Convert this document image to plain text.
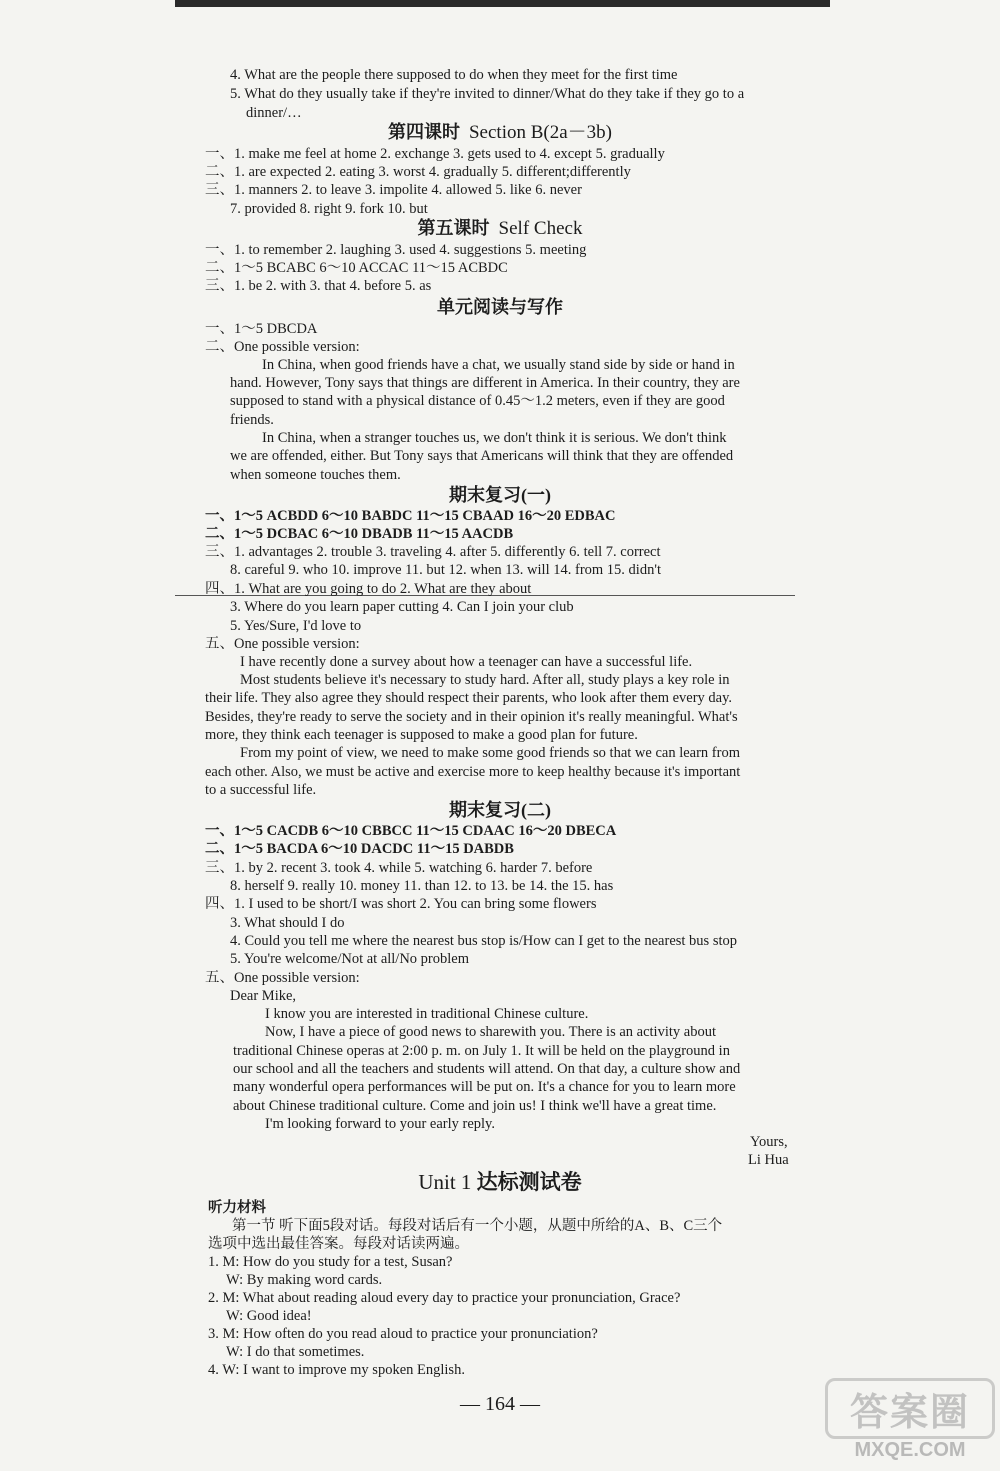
4. What are the people there supposed to do when they meet for the first time
5. What do they usually take if they're invited to dinner/What do they take if they go to a
dinner/…
第四课时 Section B(2a－3b)
一、1. make me feel at home 2. exchange 3. gets used to 4. except 5. gradually
二、1. are expected 2. eating 3. worst 4. gradually 5. different;differently
三、1. manners 2. to leave 3. impolite 4. allowed 5. like 6. never
7. provided 8. right 9. fork 10. but
第五课时 Self Check
一、1. to remember 2. laughing 3. used 4. suggestions 5. meeting
二、1～5 BCABC 6～10 ACCAC 11～15 ACBDC
三、1. be 2. with 3. that 4. before 5. as
单元阅读与写作
一、1～5 DBCDA
二、One possible version:
In China, when good friends have a chat, we usually stand side by side or hand in
hand. However, Tony says that things are different in America. In their country, they are
supposed to stand with a physical distance of 0.45～1.2 meters, even if they are good
friends.
In China, when a stranger touches us, we don't think it is serious. We don't think
we are offended, either. But Tony says that Americans will think that they are offended
when someone touches them.
期末复习(一)
一、1～5 ACBDD 6～10 BABDC 11～15 CBAAD 16～20 EDBAC
二、1～5 DCBAC 6～10 DBADB 11～15 AACDB
三、1. advantages 2. trouble 3. traveling 4. after 5. differently 6. tell 7. correct
8. careful 9. who 10. improve 11. but 12. when 13. will 14. from 15. didn't
四、1. What are you going to do 2. What are they about
3. Where do you learn paper cutting 4. Can I join your club
5. Yes/Sure, I'd love to
五、One possible version:
I have recently done a survey about how a teenager can have a successful life.
Most students believe it's necessary to study hard. After all, study plays a key role in
their life. They also agree they should respect their parents, who look after them every day.
Besides, they're ready to serve the society and in their opinion it's really meaningful. What's
more, they think each teenager is supposed to make a good plan for future.
From my point of view, we need to make some good friends so that we can learn from
each other. Also, we must be active and exercise more to keep healthy because it's important
to a successful life.
期末复习(二)
一、1～5 CACDB 6～10 CBBCC 11～15 CDAAC 16～20 DBECA
二、1～5 BACDA 6～10 DACDC 11～15 DABDB
三、1. by 2. recent 3. took 4. while 5. watching 6. harder 7. before
8. herself 9. really 10. money 11. than 12. to 13. be 14. the 15. has
四、1. I used to be short/I was short 2. You can bring some flowers
3. What should I do
4. Could you tell me where the nearest bus stop is/How can I get to the nearest bus stop
5. You're welcome/Not at all/No problem
五、One possible version:
Dear Mike,
I know you are interested in traditional Chinese culture.
Now, I have a piece of good news to sharewith you. There is an activity about
traditional Chinese operas at 2:00 p. m. on July 1. It will be held on the playground in
our school and all the teachers and students will attend. On that day, a culture show and
many wonderful opera performances will be put on. It's a chance for you to learn more
about Chinese traditional culture. Come and join us! I think we'll have a great time.
I'm looking forward to your early reply.
Yours,
Li Hua
Unit 1 达标测试卷
听力材料
第一节 听下面5段对话。每段对话后有一个小题，从题中所给的A、B、C三个
选项中选出最佳答案。每段对话读两遍。
1. M: How do you study for a test, Susan?
W: By making word cards.
2. M: What about reading aloud every day to practice your pronunciation, Grace?
W: Good idea!
3. M: How often do you read aloud to practice your pronunciation?
W: I do that sometimes.
4. W: I want to improve my spoken English.
— 164 —	答案圈
MXQE.COM
